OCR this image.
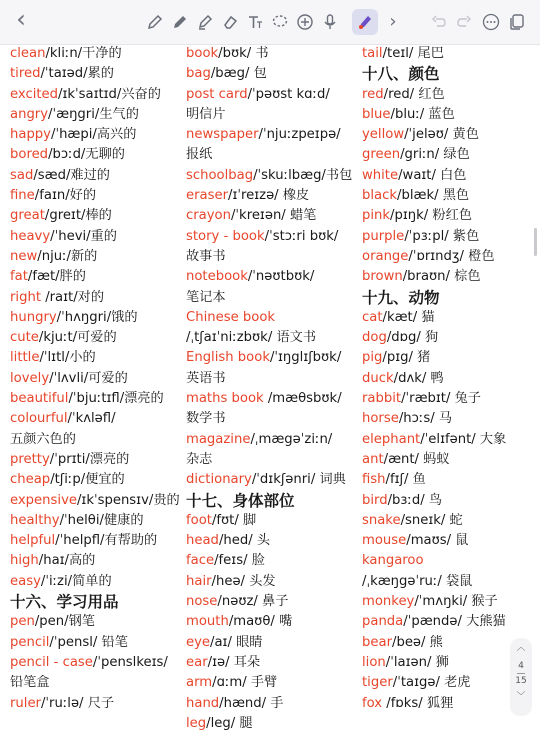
‹	›
clean/kliːn/干净的
tired/ˈtaɪəd/累的
excited/ɪkˈsaɪtɪd/兴奋的
angry/ˈæŋgri/生气的
happy/ˈhæpi/高兴的
bored/bɔːd/无聊的
sad/sæd/难过的
fine/faɪn/好的
great/greɪt/棒的
heavy/ˈhevi/重的
new/njuː/新的
fat/fæt/胖的
right /raɪt/对的
hungry/ˈhʌŋgri/饿的
cute/kjuːt/可爱的
little/ˈlɪtl/小的
lovely/ˈlʌvli/可爱的
beautiful/ˈbjuːtɪfl/漂亮的
colourful/ˈkʌləfl/
五颜六色的
pretty/ˈprɪti/漂亮的
cheap/tʃiːp/便宜的
expensive/ɪkˈspensɪv/贵的
healthy/ˈhelθi/健康的
helpful/ˈhelpfl/有帮助的
high/haɪ/高的
easy/ˈiːzi/简单的
十六、学习用品
pen/pen/钢笔
pencil/ˈpensl/ 铅笔
pencil - case/ˈpenslkeɪs/
铅笔盒
ruler/ˈruːlə/ 尺子
book/bʊk/ 书
bag/bæg/ 包
post card/ˈpəʊst kɑːd/
明信片
newspaper/ˈnjuːzpeɪpə/
报纸
schoolbag/ˈskuːlbæg/书包
eraser/ɪˈreɪzə/ 橡皮
crayon/ˈkreɪən/ 蜡笔
story - book/ˈstɔːri bʊk/
故事书
notebook/ˈnəʊtbʊk/
笔记本
Chinese book
/ˌtʃaɪˈniːzbʊk/ 语文书
English book/ˈɪŋglɪʃbʊk/
英语书
maths book /mæθsbʊk/
数学书
magazine/ˌmægəˈziːn/
杂志
dictionary/ˈdɪkʃənri/ 词典
十七、身体部位
foot/fʊt/ 脚
head/hed/ 头
face/feɪs/ 脸
hair/heə/ 头发
nose/nəʊz/ 鼻子
mouth/maʊθ/ 嘴
eye/aɪ/ 眼睛
ear/ɪə/ 耳朵
arm/ɑːm/ 手臂
hand/hænd/ 手
leg/leg/ 腿
tail/teɪl/ 尾巴
十八、颜色
red/red/ 红色
blue/bluː/ 蓝色
yellow/ˈjeləʊ/ 黄色
green/griːn/ 绿色
white/waɪt/ 白色
black/blæk/ 黑色
pink/pɪŋk/ 粉红色
purple/ˈpɜːpl/ 紫色
orange/ˈɒrɪndʒ/ 橙色
brown/braʊn/ 棕色
十九、动物
cat/kæt/ 猫
dog/dɒg/ 狗
pig/pɪg/ 猪
duck/dʌk/ 鸭
rabbit/ˈræbɪt/ 兔子
horse/hɔːs/ 马
elephant/ˈelɪfənt/ 大象
ant/ænt/ 蚂蚁
fish/fɪʃ/ 鱼
bird/bɜːd/ 鸟
snake/sneɪk/ 蛇
mouse/maʊs/ 鼠
kangaroo
/ˌkæŋgəˈruː/ 袋鼠
monkey/ˈmʌŋki/ 猴子
panda/ˈpændə/ 大熊猫
bear/beə/ 熊
lion/ˈlaɪən/ 狮
tiger/ˈtaɪgə/ 老虎
fox /fɒks/ 狐狸
︿
4
15
﹀
